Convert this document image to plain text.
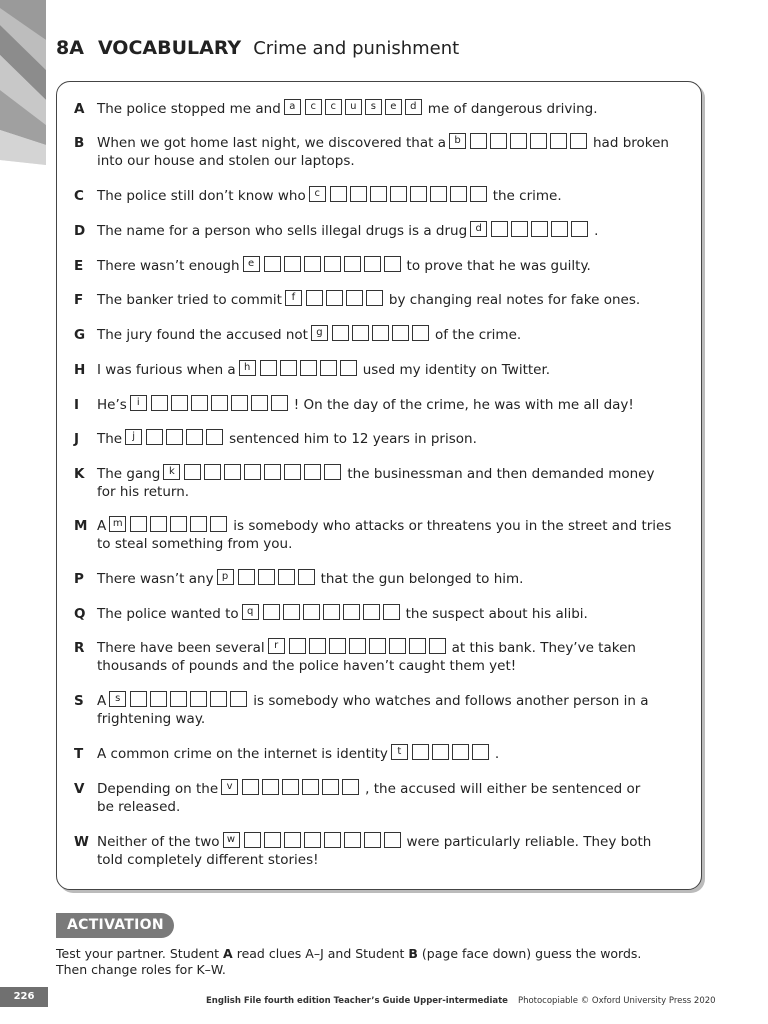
8A VOCABULARY Crime and punishment
A The police stopped me and a	c	c	u	s	e	d me of dangerous driving.
B When we got home last night, we discovered that a b	had broken
into our house and stolen our laptops.
C The police still don’t know who c	the crime.
D The name for a person who sells illegal drugs is a drug d	.
E	There wasn’t enough e	to prove that he was guilty.
F	The banker tried to commit f	by changing real notes for fake ones.
G The jury found the accused not g	of the crime.
H I was furious when a h	used my identity on Twitter.
I	He’s	i	! On the day of the crime, he was with me all day!
J	The	j	sentenced him to 12 years in prison.
K The gang k	the businessman and then demanded money
for his return.
M A m	is somebody who attacks or threatens you in the street and tries
to steal something from you.
P There wasn’t any p	that the gun belonged to him.
Q The police wanted to q	the suspect about his alibi.
R There have been several r	at this bank. They’ve taken
thousands of pounds and the police haven’t caught them yet!
S A s	is somebody who watches and follows another person in a
frightening way.
T	A common crime on the internet is identity t	.
V Depending on the v	, the accused will either be sentenced or
be released.
W Neither of the two w	were particularly reliable. They both
told completely different stories!
ACTIVATION
Test your partner. Student A read clues A–J and Student B (page face down) guess the words.
Then change roles for K–W.
226	English File fourth edition Teacher’s Guide Upper-intermediate Photocopiable © Oxford University Press 2020
